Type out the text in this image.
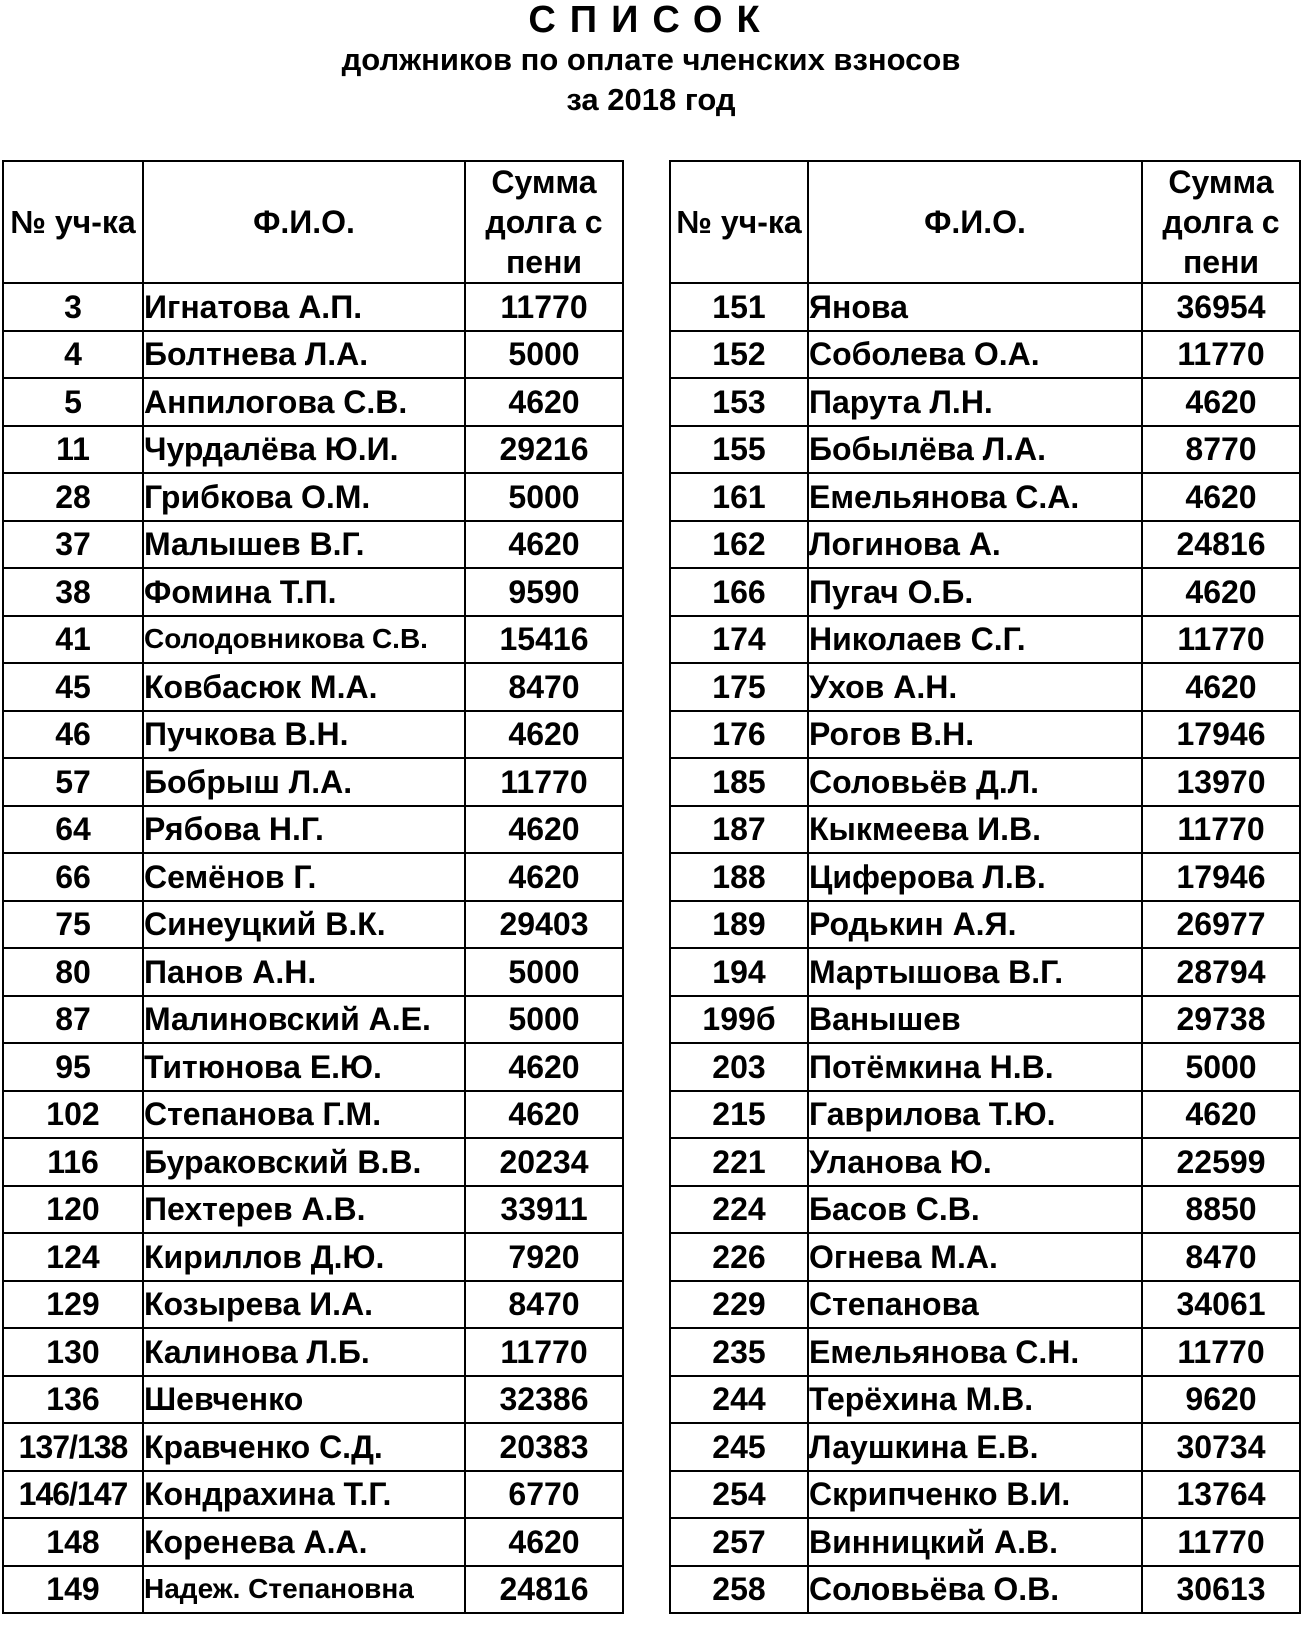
СПИСОК
должников по оплате членских взносов
за 2018 год
№ уч-ка	Ф.И.О.	Сумма долга с пени
3	Игнатова А.П.	11770
4	Болтнева Л.А.	5000
5	Анпилогова С.В.	4620
11	Чурдалёва Ю.И.	29216
28	Грибкова О.М.	5000
37	Малышев В.Г.	4620
38	Фомина Т.П.	9590
41	Солодовникова С.В.	15416
45	Ковбасюк М.А.	8470
46	Пучкова В.Н.	4620
57	Бобрыш Л.А.	11770
64	Рябова Н.Г.	4620
66	Семёнов Г.	4620
75	Синеуцкий В.К.	29403
80	Панов А.Н.	5000
87	Малиновский А.Е.	5000
95	Титюнова Е.Ю.	4620
102	Степанова Г.М.	4620
116	Бураковский В.В.	20234
120	Пехтерев А.В.	33911
124	Кириллов Д.Ю.	7920
129	Козырева И.А.	8470
130	Калинова Л.Б.	11770
136	Шевченко	32386
137/138	Кравченко С.Д.	20383
146/147	Кондрахина Т.Г.	6770
148	Коренева А.А.	4620
149	Надеж. Степановна	24816
№ уч-ка	Ф.И.О.	Сумма долга с пени
151	Янова	36954
152	Соболева О.А.	11770
153	Парута Л.Н.	4620
155	Бобылёва Л.А.	8770
161	Емельянова С.А.	4620
162	Логинова А.	24816
166	Пугач О.Б.	4620
174	Николаев С.Г.	11770
175	Ухов А.Н.	4620
176	Рогов В.Н.	17946
185	Соловьёв Д.Л.	13970
187	Кыкмеева И.В.	11770
188	Циферова Л.В.	17946
189	Родькин А.Я.	26977
194	Мартышова В.Г.	28794
199б	Ванышев	29738
203	Потёмкина Н.В.	5000
215	Гаврилова Т.Ю.	4620
221	Уланова Ю.	22599
224	Басов С.В.	8850
226	Огнева М.А.	8470
229	Степанова	34061
235	Емельянова С.Н.	11770
244	Терёхина М.В.	9620
245	Лаушкина Е.В.	30734
254	Скрипченко В.И.	13764
257	Винницкий А.В.	11770
258	Соловьёва О.В.	30613
